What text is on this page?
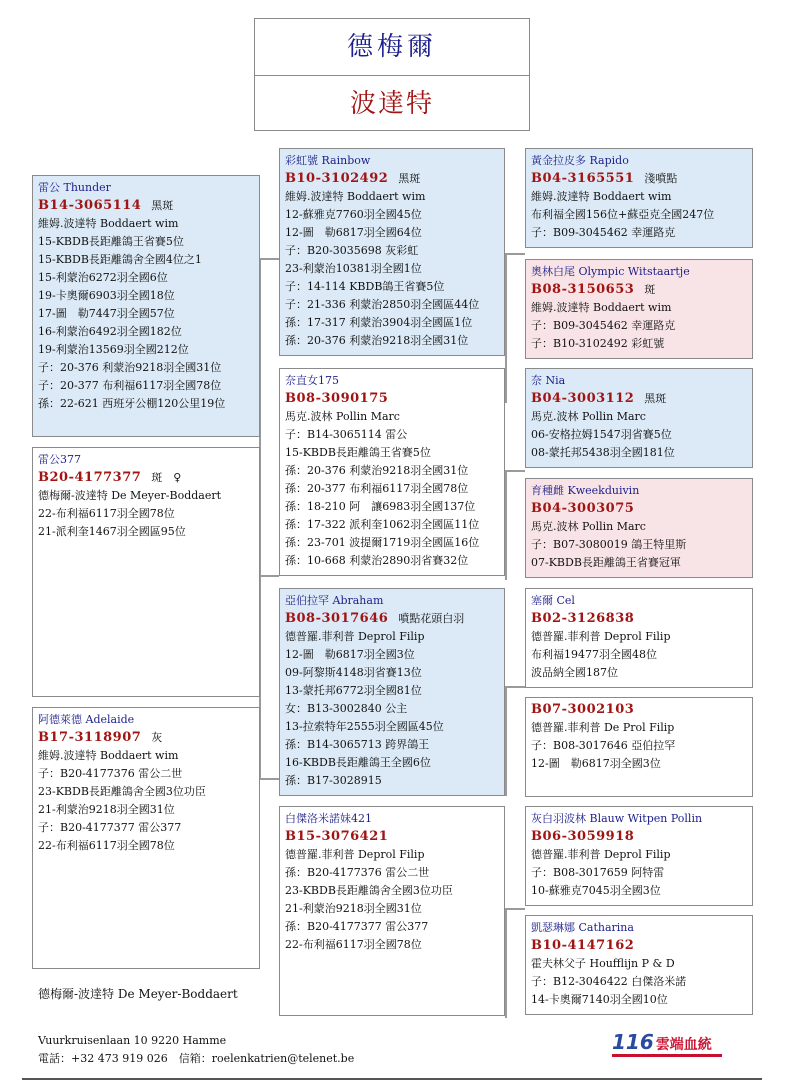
德梅爾
波達特
雷公 Thunder
B14-3065114 黑斑
維姆.波達特 Boddaert wim
15-KBDB長距離鴿王省賽5位
15-KBDB長距離鴿舍全國4位之1
15-利蒙治6272羽全國6位
19-卡奧爾6903羽全國18位
17-圖　勒7447羽全國57位
16-利蒙治6492羽全國182位
19-利蒙治13569羽全國212位
子：20-376 利蒙治9218羽全國31位
子：20-377 布利福6117羽全國78位
孫：22-621 西班牙公棚120公里19位
雷公377
B20-4177377 斑　♀
德梅爾-波達特 De Meyer-Boddaert
22-布利福6117羽全國78位
21-派利奎1467羽全國區95位
阿德萊德 Adelaide
B17-3118907 灰
維姆.波達特 Boddaert wim
子：B20-4177376 雷公二世
23-KBDB長距離鴿舍全國3位功臣
21-利蒙治9218羽全國31位
子：B20-4177377 雷公377
22-布利福6117羽全國78位
彩虹號 Rainbow
B10-3102492 黑斑
維姆.波達特 Boddaert wim
12-蘇雅克7760羽全國45位
12-圖　勒6817羽全國64位
子：B20-3035698 灰彩虹
23-利蒙治10381羽全國1位
子：14-114 KBDB鴿王省賽5位
子：21-336 利蒙治2850羽全國區44位
孫：17-317 利蒙治3904羽全國區1位
孫：20-376 利蒙治9218羽全國31位
奈直女175
B08-3090175
馬克.波林 Pollin Marc
子：B14-3065114 雷公
15-KBDB長距離鴿王省賽5位
孫：20-376 利蒙治9218羽全國31位
孫：20-377 布利福6117羽全國78位
孫：18-210 阿　讓6983羽全國137位
孫：17-322 派利奎1062羽全國區11位
孫：23-701 波提爾1719羽全國區16位
孫：10-668 利蒙治2890羽省賽32位
亞伯拉罕 Abraham
B08-3017646 噴點花頭白羽
德普羅.菲利普 Deprol Filip
12-圖　勒6817羽全國3位
09-阿黎斯4148羽省賽13位
13-蒙托邦6772羽全國81位
女：B13-3002840 公主
13-拉索特年2555羽全國區45位
孫：B14-3065713 跨界鴿王
16-KBDB長距離鴿王全國6位
孫：B17-3028915
白傑洛米諾妹421
B15-3076421
德普羅.菲利普 Deprol Filip
孫：B20-4177376 雷公二世
23-KBDB長距離鴿舍全國3位功臣
21-利蒙治9218羽全國31位
孫：B20-4177377 雷公377
22-布利福6117羽全國78位
黃金拉皮多 Rapido
B04-3165551 淺噴點
維姆.波達特 Boddaert wim
布利福全國156位+蘇亞克全國247位
子：B09-3045462 幸運路克
奧林白尾 Olympic Witstaartje
B08-3150653 斑
維姆.波達特 Boddaert wim
子：B09-3045462 幸運路克
子：B10-3102492 彩虹號
奈 Nia
B04-3003112 黑斑
馬克.波林 Pollin Marc
06-安格拉姆1547羽省賽5位
08-蒙托邦5438羽全國181位
育種雌 Kweekduivin
B04-3003075
馬克.波林 Pollin Marc
子：B07-3080019 鴿王特里斯
07-KBDB長距離鴿王省賽冠軍
塞爾 Cel
B02-3126838
德普羅.菲利普 Deprol Filip
布利福19477羽全國48位
波品納全國187位
B07-3002103
德普羅.菲利普 De Prol Filip
子：B08-3017646 亞伯拉罕
12-圖　勒6817羽全國3位
灰白羽波林 Blauw Witpen Pollin
B06-3059918
德普羅.菲利普 Deprol Filip
子：B08-3017659 阿特雷
10-蘇雅克7045羽全國3位
凱瑟琳娜 Catharina
B10-4147162
霍夫林父子 Houfflijn P & D
子：B12-3046422 白傑洛米諾
14-卡奧爾7140羽全國10位
德梅爾-波達特 De Meyer-Boddaert
Vuurkruisenlaan 10 9220 Hamme
電話：+32 473 919 026　信箱：roelenkatrien@telenet.be
116 雲端血統
